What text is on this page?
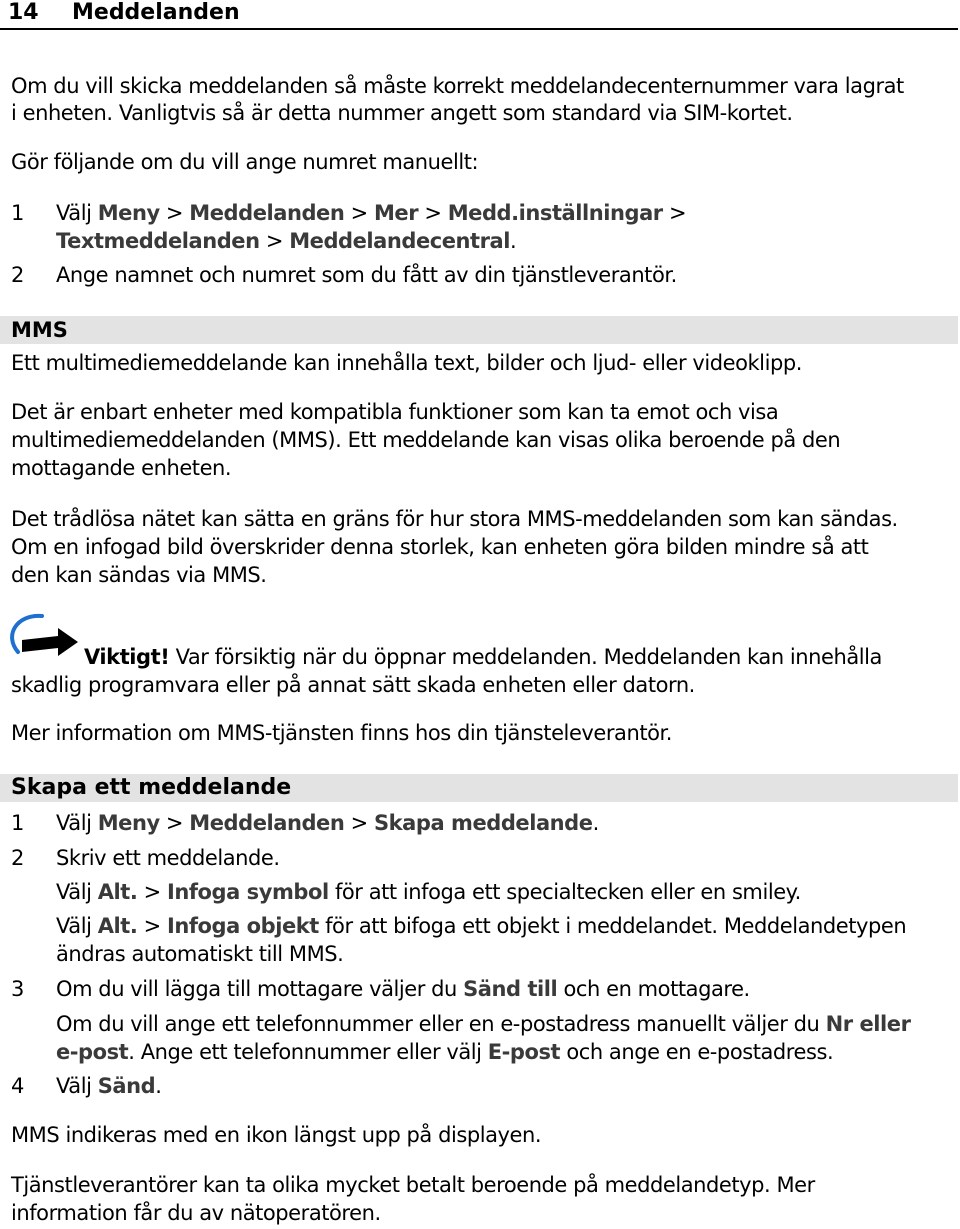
14 Meddelanden
Om du vill skicka meddelanden så måste korrekt meddelandecenternummer vara lagrat
i enheten. Vanligtvis så är detta nummer angett som standard via SIM-kortet.
Gör följande om du vill ange numret manuellt:
1 Välj Meny > Meddelanden > Mer > Medd.inställningar >
Textmeddelanden > Meddelandecentral.
2 Ange namnet och numret som du fått av din tjänstleverantör.
MMS
Ett multimediemeddelande kan innehålla text, bilder och ljud- eller videoklipp.
Det är enbart enheter med kompatibla funktioner som kan ta emot och visa
multimediemeddelanden (MMS). Ett meddelande kan visas olika beroende på den
mottagande enheten.
Det trådlösa nätet kan sätta en gräns för hur stora MMS-meddelanden som kan sändas.
Om en infogad bild överskrider denna storlek, kan enheten göra bilden mindre så att
den kan sändas via MMS.
Viktigt! Var försiktig när du öppnar meddelanden. Meddelanden kan innehålla
skadlig programvara eller på annat sätt skada enheten eller datorn.
Mer information om MMS-tjänsten finns hos din tjänsteleverantör.
Skapa ett meddelande
1 Välj Meny > Meddelanden > Skapa meddelande.
2 Skriv ett meddelande.
Välj Alt. > Infoga symbol för att infoga ett specialtecken eller en smiley.
Välj Alt. > Infoga objekt för att bifoga ett objekt i meddelandet. Meddelandetypen
ändras automatiskt till MMS.
3 Om du vill lägga till mottagare väljer du Sänd till och en mottagare.
Om du vill ange ett telefonnummer eller en e-postadress manuellt väljer du Nr eller
e-post. Ange ett telefonnummer eller välj E-post och ange en e-postadress.
4 Välj Sänd.
MMS indikeras med en ikon längst upp på displayen.
Tjänstleverantörer kan ta olika mycket betalt beroende på meddelandetyp. Mer
information får du av nätoperatören.
